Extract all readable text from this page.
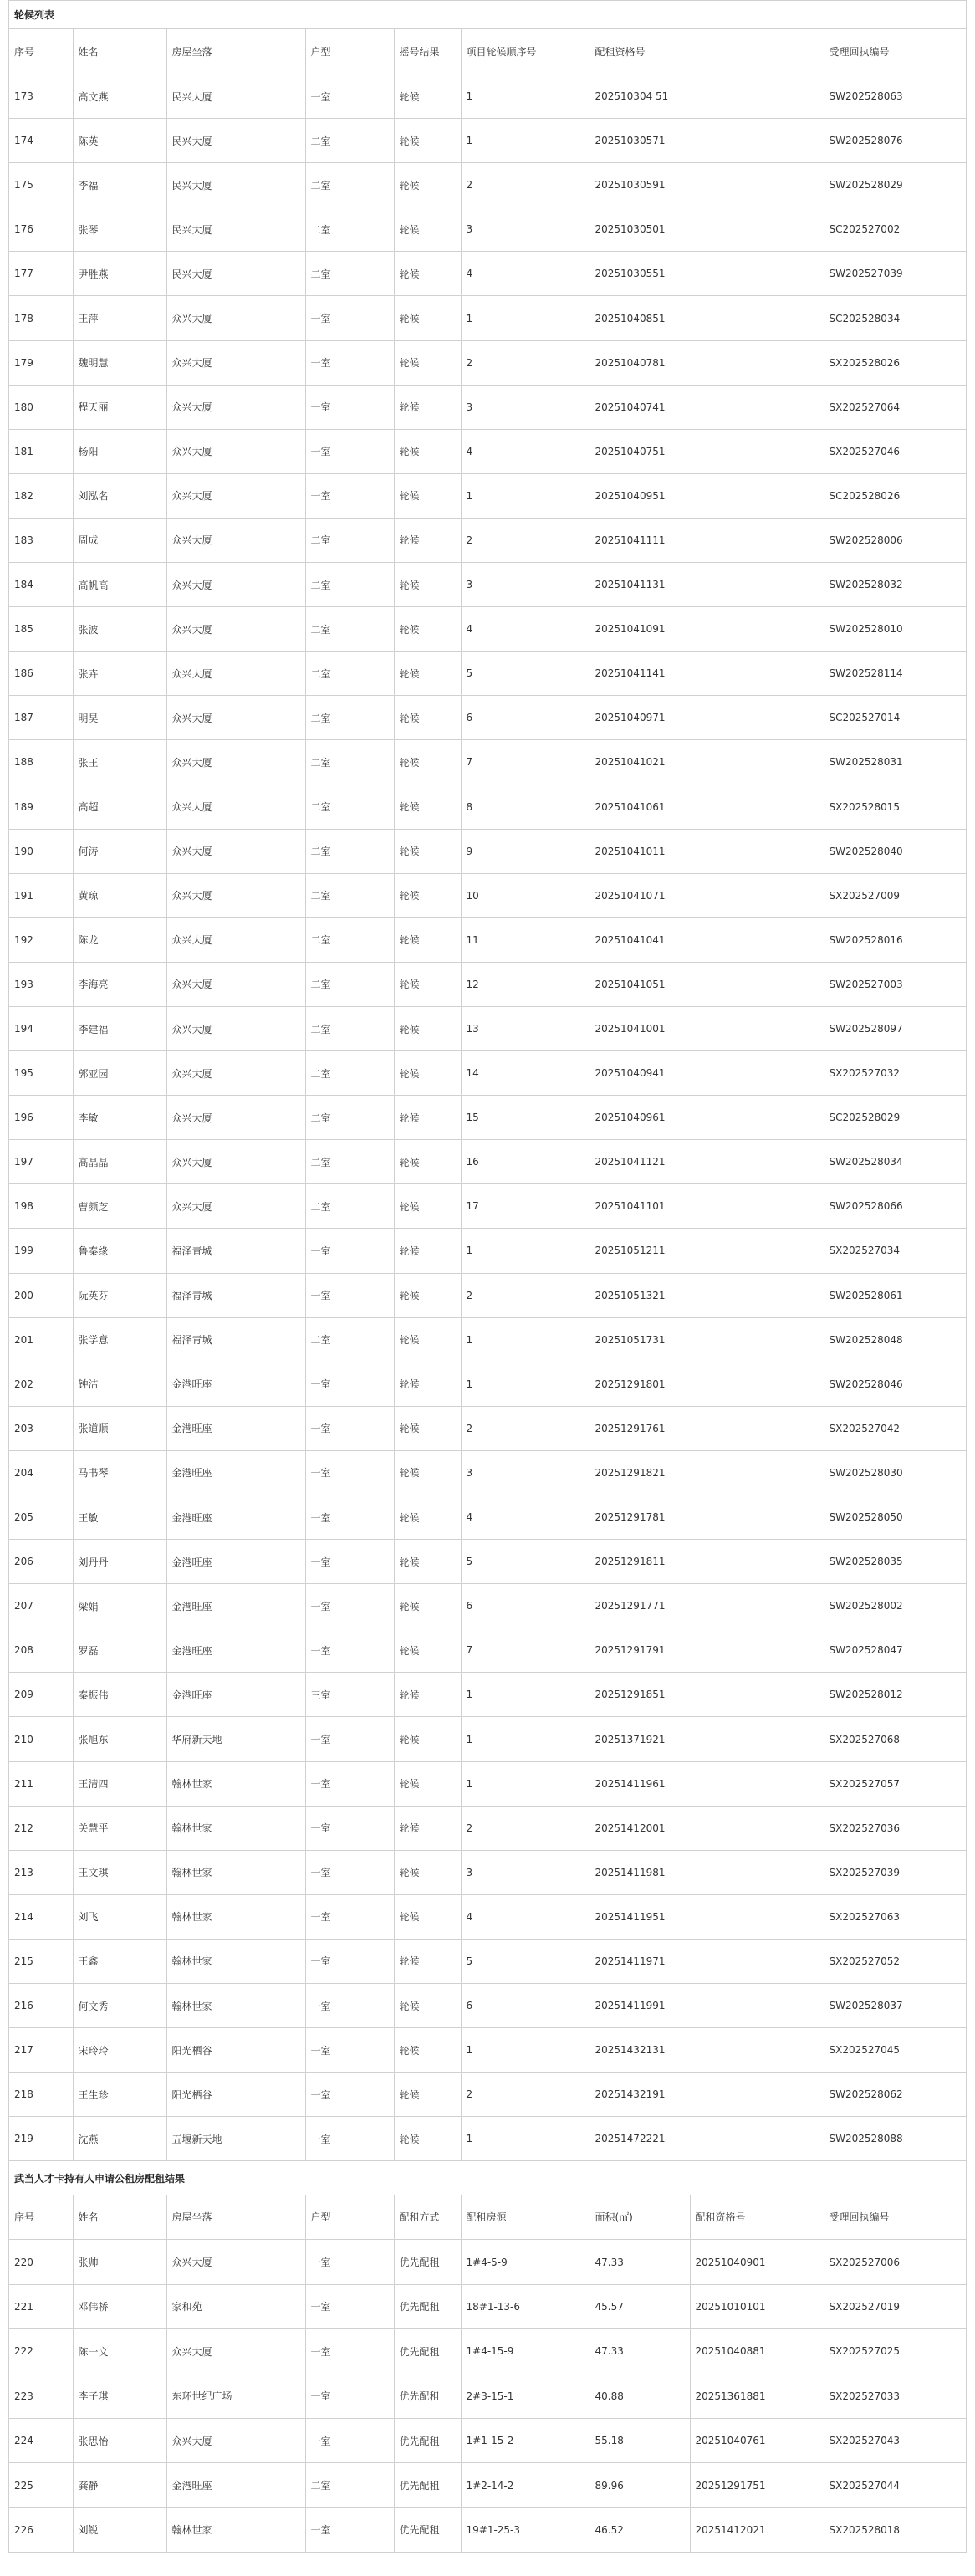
轮候列表
序号	姓名	房屋坐落	户型	摇号结果	项目轮候顺序号	配租资格号	受理回执编号
173	高文燕	民兴大厦	一室	轮候	1	202510304 51	SW202528063
174	陈英	民兴大厦	二室	轮候	1	20251030571	SW202528076
175	李福	民兴大厦	二室	轮候	2	20251030591	SW202528029
176	张琴	民兴大厦	二室	轮候	3	20251030501	SC202527002
177	尹胜燕	民兴大厦	二室	轮候	4	20251030551	SW202527039
178	王萍	众兴大厦	一室	轮候	1	20251040851	SC202528034
179	魏明慧	众兴大厦	一室	轮候	2	20251040781	SX202528026
180	程天丽	众兴大厦	一室	轮候	3	20251040741	SX202527064
181	杨阳	众兴大厦	一室	轮候	4	20251040751	SX202527046
182	刘泓名	众兴大厦	一室	轮候	1	20251040951	SC202528026
183	周成	众兴大厦	二室	轮候	2	20251041111	SW202528006
184	高帆高	众兴大厦	二室	轮候	3	20251041131	SW202528032
185	张波	众兴大厦	二室	轮候	4	20251041091	SW202528010
186	张卉	众兴大厦	二室	轮候	5	20251041141	SW202528114
187	明昊	众兴大厦	二室	轮候	6	20251040971	SC202527014
188	张王	众兴大厦	二室	轮候	7	20251041021	SW202528031
189	高超	众兴大厦	二室	轮候	8	20251041061	SX202528015
190	何涛	众兴大厦	二室	轮候	9	20251041011	SW202528040
191	黄琼	众兴大厦	二室	轮候	10	20251041071	SX202527009
192	陈龙	众兴大厦	二室	轮候	11	20251041041	SW202528016
193	李海亮	众兴大厦	二室	轮候	12	20251041051	SW202527003
194	李建福	众兴大厦	二室	轮候	13	20251041001	SW202528097
195	郭亚园	众兴大厦	二室	轮候	14	20251040941	SX202527032
196	李敏	众兴大厦	二室	轮候	15	20251040961	SC202528029
197	高晶晶	众兴大厦	二室	轮候	16	20251041121	SW202528034
198	曹颜芝	众兴大厦	二室	轮候	17	20251041101	SW202528066
199	鲁秦缘	福泽青城	一室	轮候	1	20251051211	SX202527034
200	阮英芬	福泽青城	一室	轮候	2	20251051321	SW202528061
201	张学意	福泽青城	二室	轮候	1	20251051731	SW202528048
202	钟洁	金港旺座	一室	轮候	1	20251291801	SW202528046
203	张道顺	金港旺座	一室	轮候	2	20251291761	SX202527042
204	马书琴	金港旺座	一室	轮候	3	20251291821	SW202528030
205	王敏	金港旺座	一室	轮候	4	20251291781	SW202528050
206	刘丹丹	金港旺座	一室	轮候	5	20251291811	SW202528035
207	梁娟	金港旺座	一室	轮候	6	20251291771	SW202528002
208	罗磊	金港旺座	一室	轮候	7	20251291791	SW202528047
209	秦振伟	金港旺座	三室	轮候	1	20251291851	SW202528012
210	张旭东	华府新天地	一室	轮候	1	20251371921	SX202527068
211	王清四	翰林世家	一室	轮候	1	20251411961	SX202527057
212	关慧平	翰林世家	一室	轮候	2	20251412001	SX202527036
213	王文琪	翰林世家	一室	轮候	3	20251411981	SX202527039
214	刘飞	翰林世家	一室	轮候	4	20251411951	SX202527063
215	王鑫	翰林世家	一室	轮候	5	20251411971	SX202527052
216	何文秀	翰林世家	一室	轮候	6	20251411991	SW202528037
217	宋玲玲	阳光栖谷	一室	轮候	1	20251432131	SX202527045
218	王生珍	阳光栖谷	一室	轮候	2	20251432191	SW202528062
219	沈燕	五堰新天地	一室	轮候	1	20251472221	SW202528088
武当人才卡持有人申请公租房配租结果
序号	姓名	房屋坐落	户型	配租方式	配租房源	面积(㎡)	配租资格号	受理回执编号
220	张帅	众兴大厦	一室	优先配租	1#4-5-9	47.33	20251040901	SX202527006
221	邓伟桥	家和苑	一室	优先配租	18#1-13-6	45.57	20251010101	SX202527019
222	陈一文	众兴大厦	一室	优先配租	1#4-15-9	47.33	20251040881	SX202527025
223	李子琪	东环世纪广场	一室	优先配租	2#3-15-1	40.88	20251361881	SX202527033
224	张思怡	众兴大厦	一室	优先配租	1#1-15-2	55.18	20251040761	SX202527043
225	龚静	金港旺座	二室	优先配租	1#2-14-2	89.96	20251291751	SX202527044
226	刘锐	翰林世家	一室	优先配租	19#1-25-3	46.52	20251412021	SX202528018
